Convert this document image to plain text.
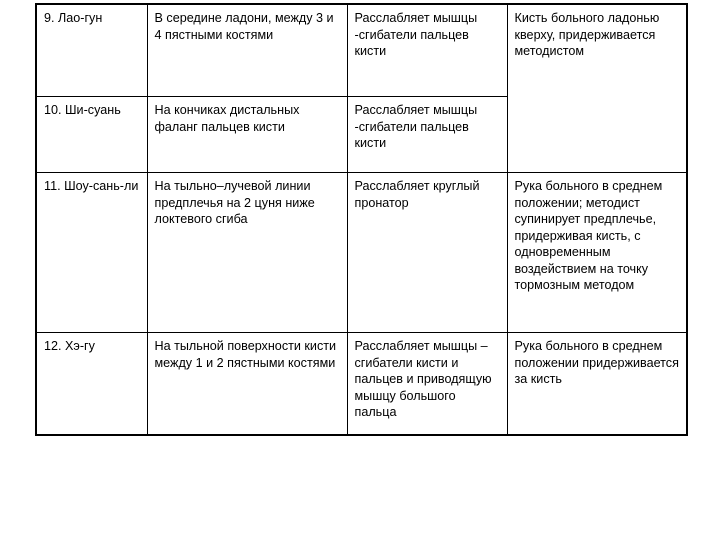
9. Лао-гун	В середине ладони, между 3 и 4 пястными костями	Расслабляет мышцы -сгибатели пальцев кисти	Кисть больного ладонью кверху, придерживается методистом
10. Ши-суань	На кончиках дистальных фаланг пальцев кисти	Расслабляет мышцы -сгибатели пальцев кисти	
11. Шоу-сань-ли	На тыльно–лучевой линии предплечья на 2 цуня ниже локтевого сгиба	Расслабляет круглый пронатор	Рука больного в среднем положении; методист супинирует предплечье, придерживая кисть, с одновременным воздействием на точку тормозным методом
12. Хэ-гу	На тыльной поверхности кисти между 1 и 2 пястными костями	Расслабляет мышцы – сгибатели кисти и пальцев и приводящую мышцу большого пальца	Рука больного в среднем положении придерживается за кисть
